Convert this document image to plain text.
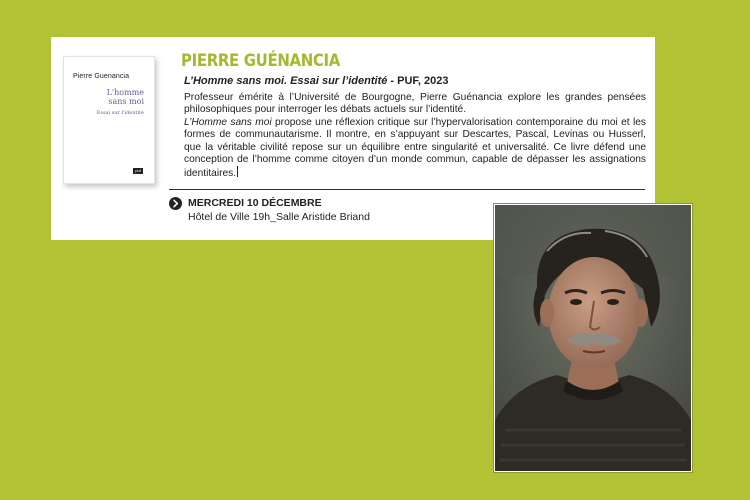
Pierre Guenancia
L'homme
sans moi
Essai sur l'identité
puf
PIERRE GUÉNANCIA
L’Homme sans moi. Essai sur l’identité - PUF, 2023

Professeur émérite à l’Université de Bourgogne, Pierre Guénancia explore les grandes pensées philosophiques pour interroger les débats actuels sur l’identité.

L’Homme sans moi propose une réflexion critique sur l’hypervalorisation contemporaine du moi et les formes de communautarisme. Il montre, en s’appuyant sur Descartes, Pascal, Levinas ou Husserl, que la véritable civilité repose sur un équilibre entre singularité et universalité. Ce livre défend une conception de l’homme comme citoyen d’un monde commun, capable de dépasser les assignations identitaires.

MERCREDI 10 DÉCEMBRE
Hôtel de Ville 19h_Salle Aristide Briand
